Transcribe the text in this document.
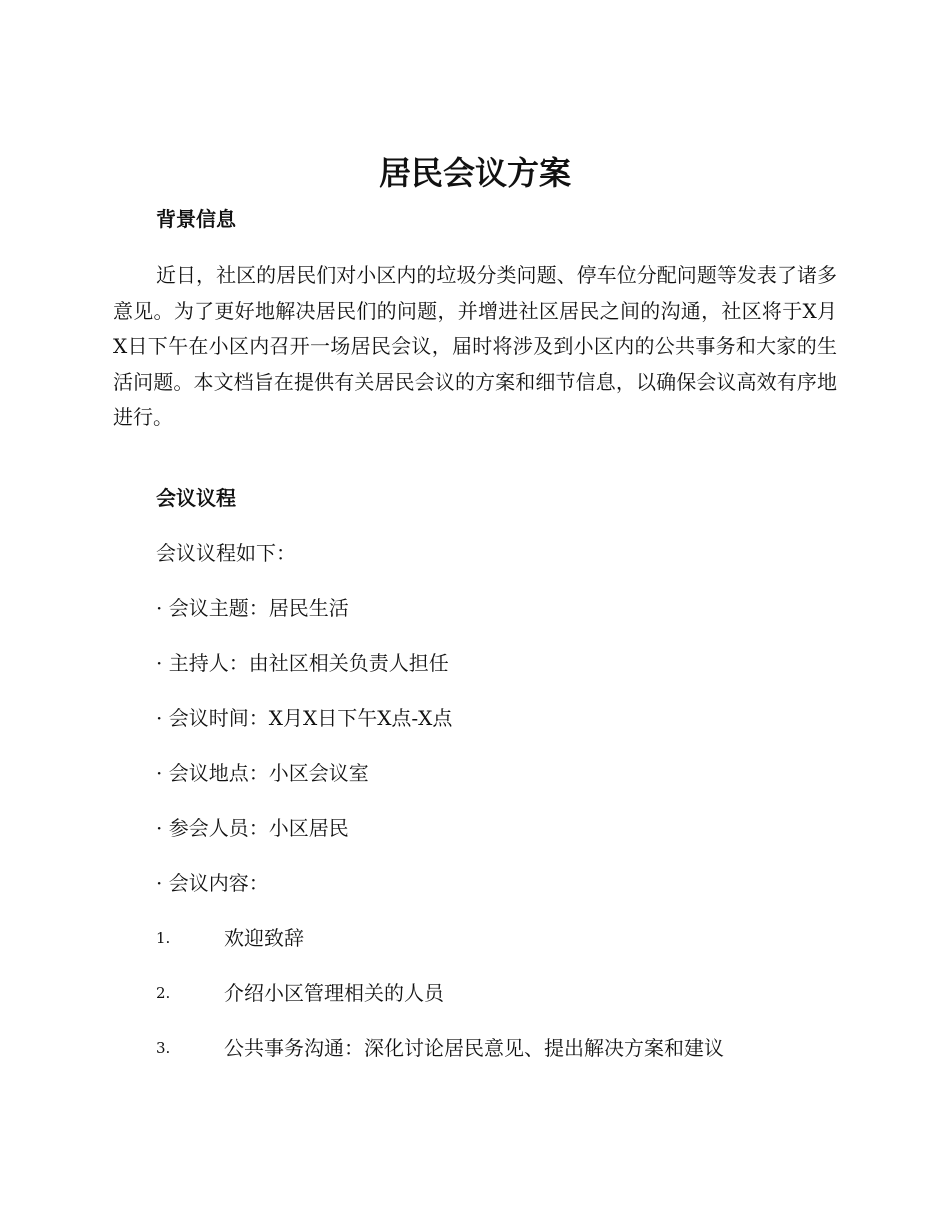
居民会议方案
背景信息

近日，社区的居民们对小区内的垃圾分类问题、停车位分配问题等发表了诸多意见。为了更好地解决居民们的问题，并增进社区居民之间的沟通，社区将于X月X日下午在小区内召开一场居民会议，届时将涉及到小区内的公共事务和大家的生活问题。本文档旨在提供有关居民会议的方案和细节信息，以确保会议高效有序地进行。

会议议程

会议议程如下：

· 会议主题：居民生活

· 主持人：由社区相关负责人担任

· 会议时间：X月X日下午X点-X点

· 会议地点：小区会议室

· 参会人员：小区居民

· 会议内容：

1.	欢迎致辞
2.	介绍小区管理相关的人员
3.	公共事务沟通：深化讨论居民意见、提出解决方案和建议
